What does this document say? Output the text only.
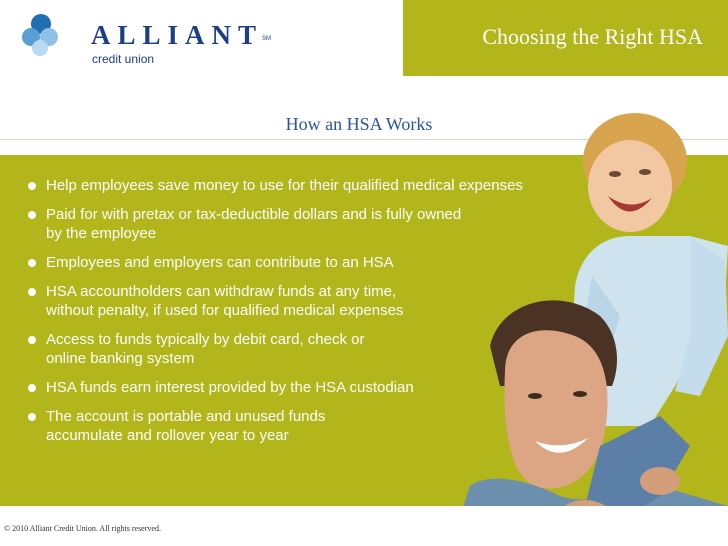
ALLIANT
SM
credit union
Choosing the Right HSA
How an HSA Works
Help employees save money to use for their qualified medical expenses
Paid for with pretax or tax-deductible dollars and is fully owned
by the employee
Employees and employers can contribute to an HSA
HSA accountholders can withdraw funds at any time,
without penalty, if used for qualified medical expenses
Access to funds typically by debit card, check or
online banking system
HSA funds earn interest provided by the HSA custodian
The account is portable and unused funds
accumulate and rollover year to year
© 2010 Alliant Credit Union. All rights reserved.
